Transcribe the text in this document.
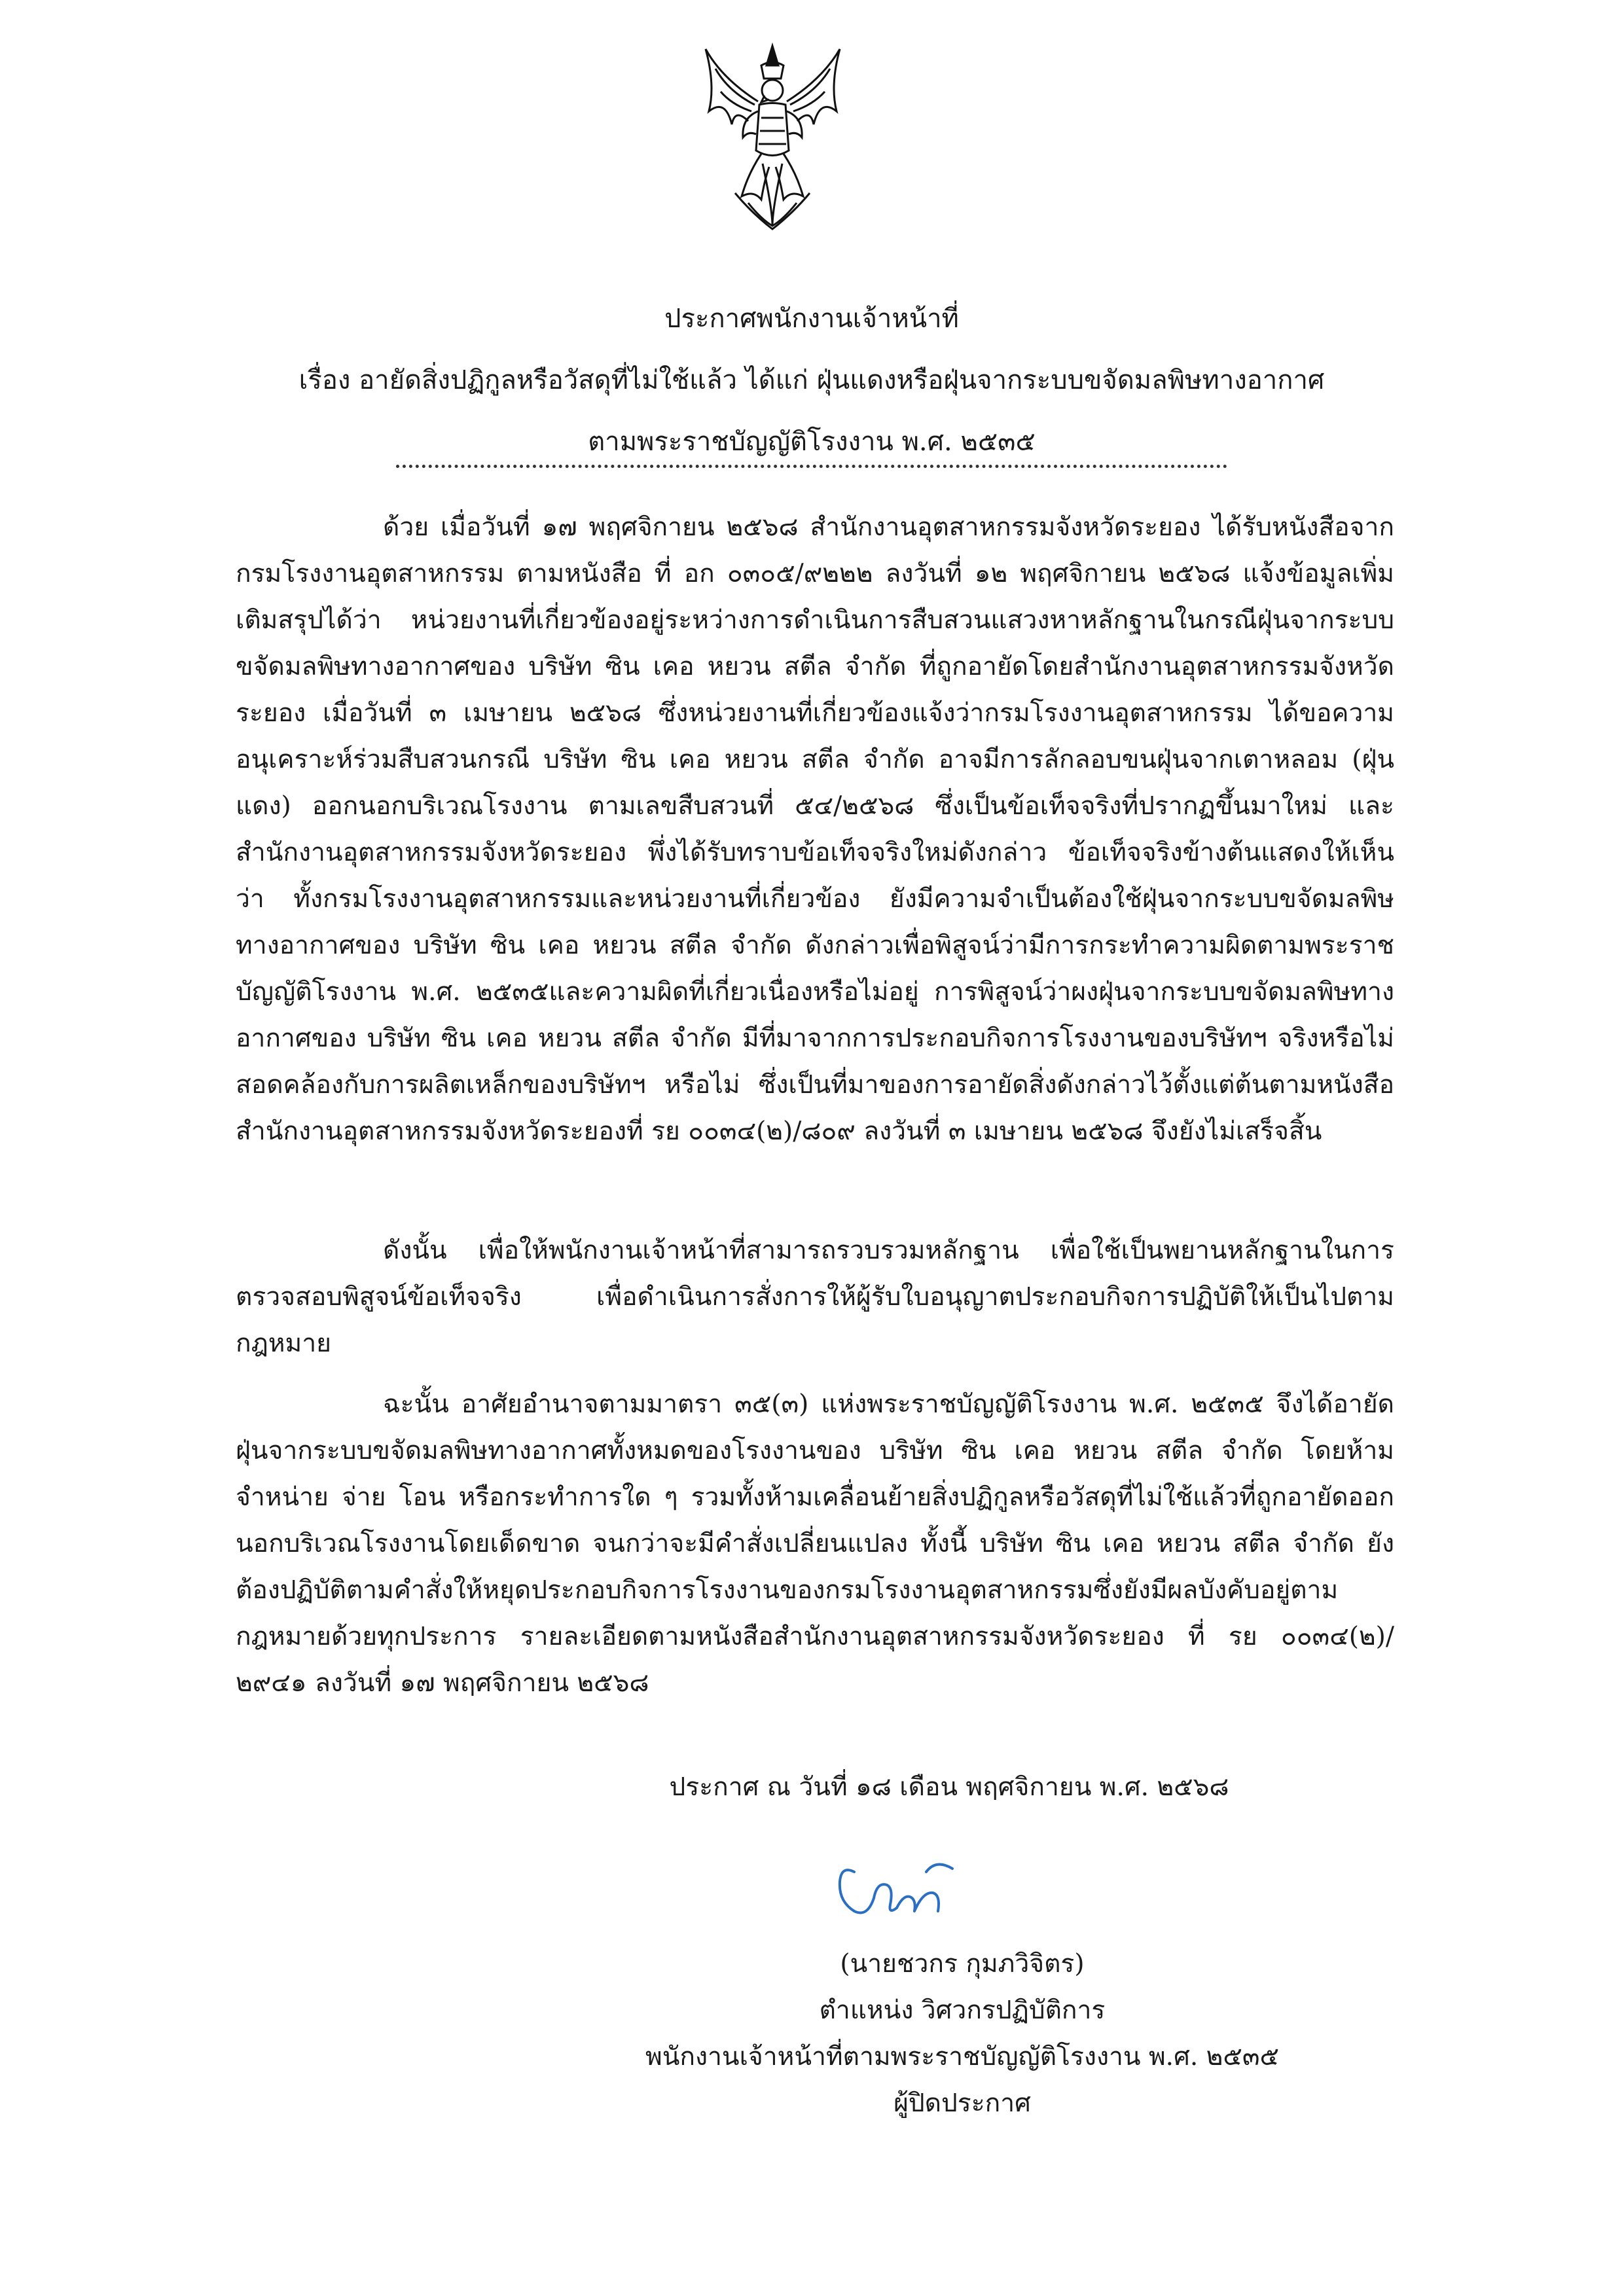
ประกาศพนักงานเจ้าหน้าที่
เรื่อง อายัดสิ่งปฏิกูลหรือวัสดุที่ไม่ใช้แล้ว ได้แก่ ฝุ่นแดงหรือฝุ่นจากระบบขจัดมลพิษทางอากาศ
ตามพระราชบัญญัติโรงงาน พ.ศ. ๒๕๓๕

ด้วย เมื่อวันที่ ๑๗ พฤศจิกายน ๒๕๖๘ สำนักงานอุตสาหกรรมจังหวัดระยอง ได้รับหนังสือจากกรมโรงงานอุตสาหกรรม ตามหนังสือ ที่ อก ๐๓๐๕/๙๒๒๒ ลงวันที่ ๑๒ พฤศจิกายน ๒๕๖๘ แจ้งข้อมูลเพิ่มเติมสรุปได้ว่า หน่วยงานที่เกี่ยวข้องอยู่ระหว่างการดำเนินการสืบสวนแสวงหาหลักฐานในกรณีฝุ่นจากระบบขจัดมลพิษทางอากาศของ บริษัท ซิน เคอ หยวน สตีล จำกัด ที่ถูกอายัดโดยสำนักงานอุตสาหกรรมจังหวัดระยอง เมื่อวันที่ ๓ เมษายน ๒๕๖๘ ซึ่งหน่วยงานที่เกี่ยวข้องแจ้งว่ากรมโรงงานอุตสาหกรรม ได้ขอความอนุเคราะห์ร่วมสืบสวนกรณี บริษัท ซิน เคอ หยวน สตีล จำกัด อาจมีการลักลอบขนฝุ่นจากเตาหลอม (ฝุ่นแดง) ออกนอกบริเวณโรงงาน ตามเลขสืบสวนที่ ๕๔/๒๕๖๘ ซึ่งเป็นข้อเท็จจริงที่ปรากฏขึ้นมาใหม่ และสำนักงานอุตสาหกรรมจังหวัดระยอง พึ่งได้รับทราบข้อเท็จจริงใหม่ดังกล่าว ข้อเท็จจริงข้างต้นแสดงให้เห็นว่า ทั้งกรมโรงงานอุตสาหกรรมและหน่วยงานที่เกี่ยวข้อง ยังมีความจำเป็นต้องใช้ฝุ่นจากระบบขจัดมลพิษทางอากาศของ บริษัท ซิน เคอ หยวน สตีล จำกัด ดังกล่าวเพื่อพิสูจน์ว่ามีการกระทำความผิดตามพระราชบัญญัติโรงงาน พ.ศ. ๒๕๓๕และความผิดที่เกี่ยวเนื่องหรือไม่อยู่ การพิสูจน์ว่าผงฝุ่นจากระบบขจัดมลพิษทางอากาศของ บริษัท ซิน เคอ หยวน สตีล จำกัด มีที่มาจากการประกอบกิจการโรงงานของบริษัทฯ จริงหรือไม่สอดคล้องกับการผลิตเหล็กของบริษัทฯ หรือไม่ ซึ่งเป็นที่มาของการอายัดสิ่งดังกล่าวไว้ตั้งแต่ต้นตามหนังสือสำนักงานอุตสาหกรรมจังหวัดระยองที่ รย ๐๐๓๔(๒)/๘๐๙ ลงวันที่ ๓ เมษายน ๒๕๖๘ จึงยังไม่เสร็จสิ้น

ดังนั้น เพื่อให้พนักงานเจ้าหน้าที่สามารถรวบรวมหลักฐาน เพื่อใช้เป็นพยานหลักฐานในการตรวจสอบพิสูจน์ข้อเท็จจริง เพื่อดำเนินการสั่งการให้ผู้รับใบอนุญาตประกอบกิจการปฏิบัติให้เป็นไปตามกฎหมาย

ฉะนั้น อาศัยอำนาจตามมาตรา ๓๕(๓) แห่งพระราชบัญญัติโรงงาน พ.ศ. ๒๕๓๕ จึงได้อายัดฝุ่นจากระบบขจัดมลพิษทางอากาศทั้งหมดของโรงงานของ บริษัท ซิน เคอ หยวน สตีล จำกัด โดยห้ามจำหน่าย จ่าย โอน หรือกระทำการใด ๆ รวมทั้งห้ามเคลื่อนย้ายสิ่งปฏิกูลหรือวัสดุที่ไม่ใช้แล้วที่ถูกอายัดออกนอกบริเวณโรงงานโดยเด็ดขาด จนกว่าจะมีคำสั่งเปลี่ยนแปลง ทั้งนี้ บริษัท ซิน เคอ หยวน สตีล จำกัด ยังต้องปฏิบัติตามคำสั่งให้หยุดประกอบกิจการโรงงานของกรมโรงงานอุตสาหกรรมซึ่งยังมีผลบังคับอยู่ตามกฎหมายด้วยทุกประการ รายละเอียดตามหนังสือสำนักงานอุตสาหกรรมจังหวัดระยอง ที่ รย ๐๐๓๔(๒)/๒๙๔๑ ลงวันที่ ๑๗ พฤศจิกายน ๒๕๖๘

ประกาศ ณ วันที่ ๑๘ เดือน พฤศจิกายน พ.ศ. ๒๕๖๘
(นายชวกร กุมภวิจิตร)
ตำแหน่ง วิศวกรปฏิบัติการ
พนักงานเจ้าหน้าที่ตามพระราชบัญญัติโรงงาน พ.ศ. ๒๕๓๕
ผู้ปิดประกาศ
